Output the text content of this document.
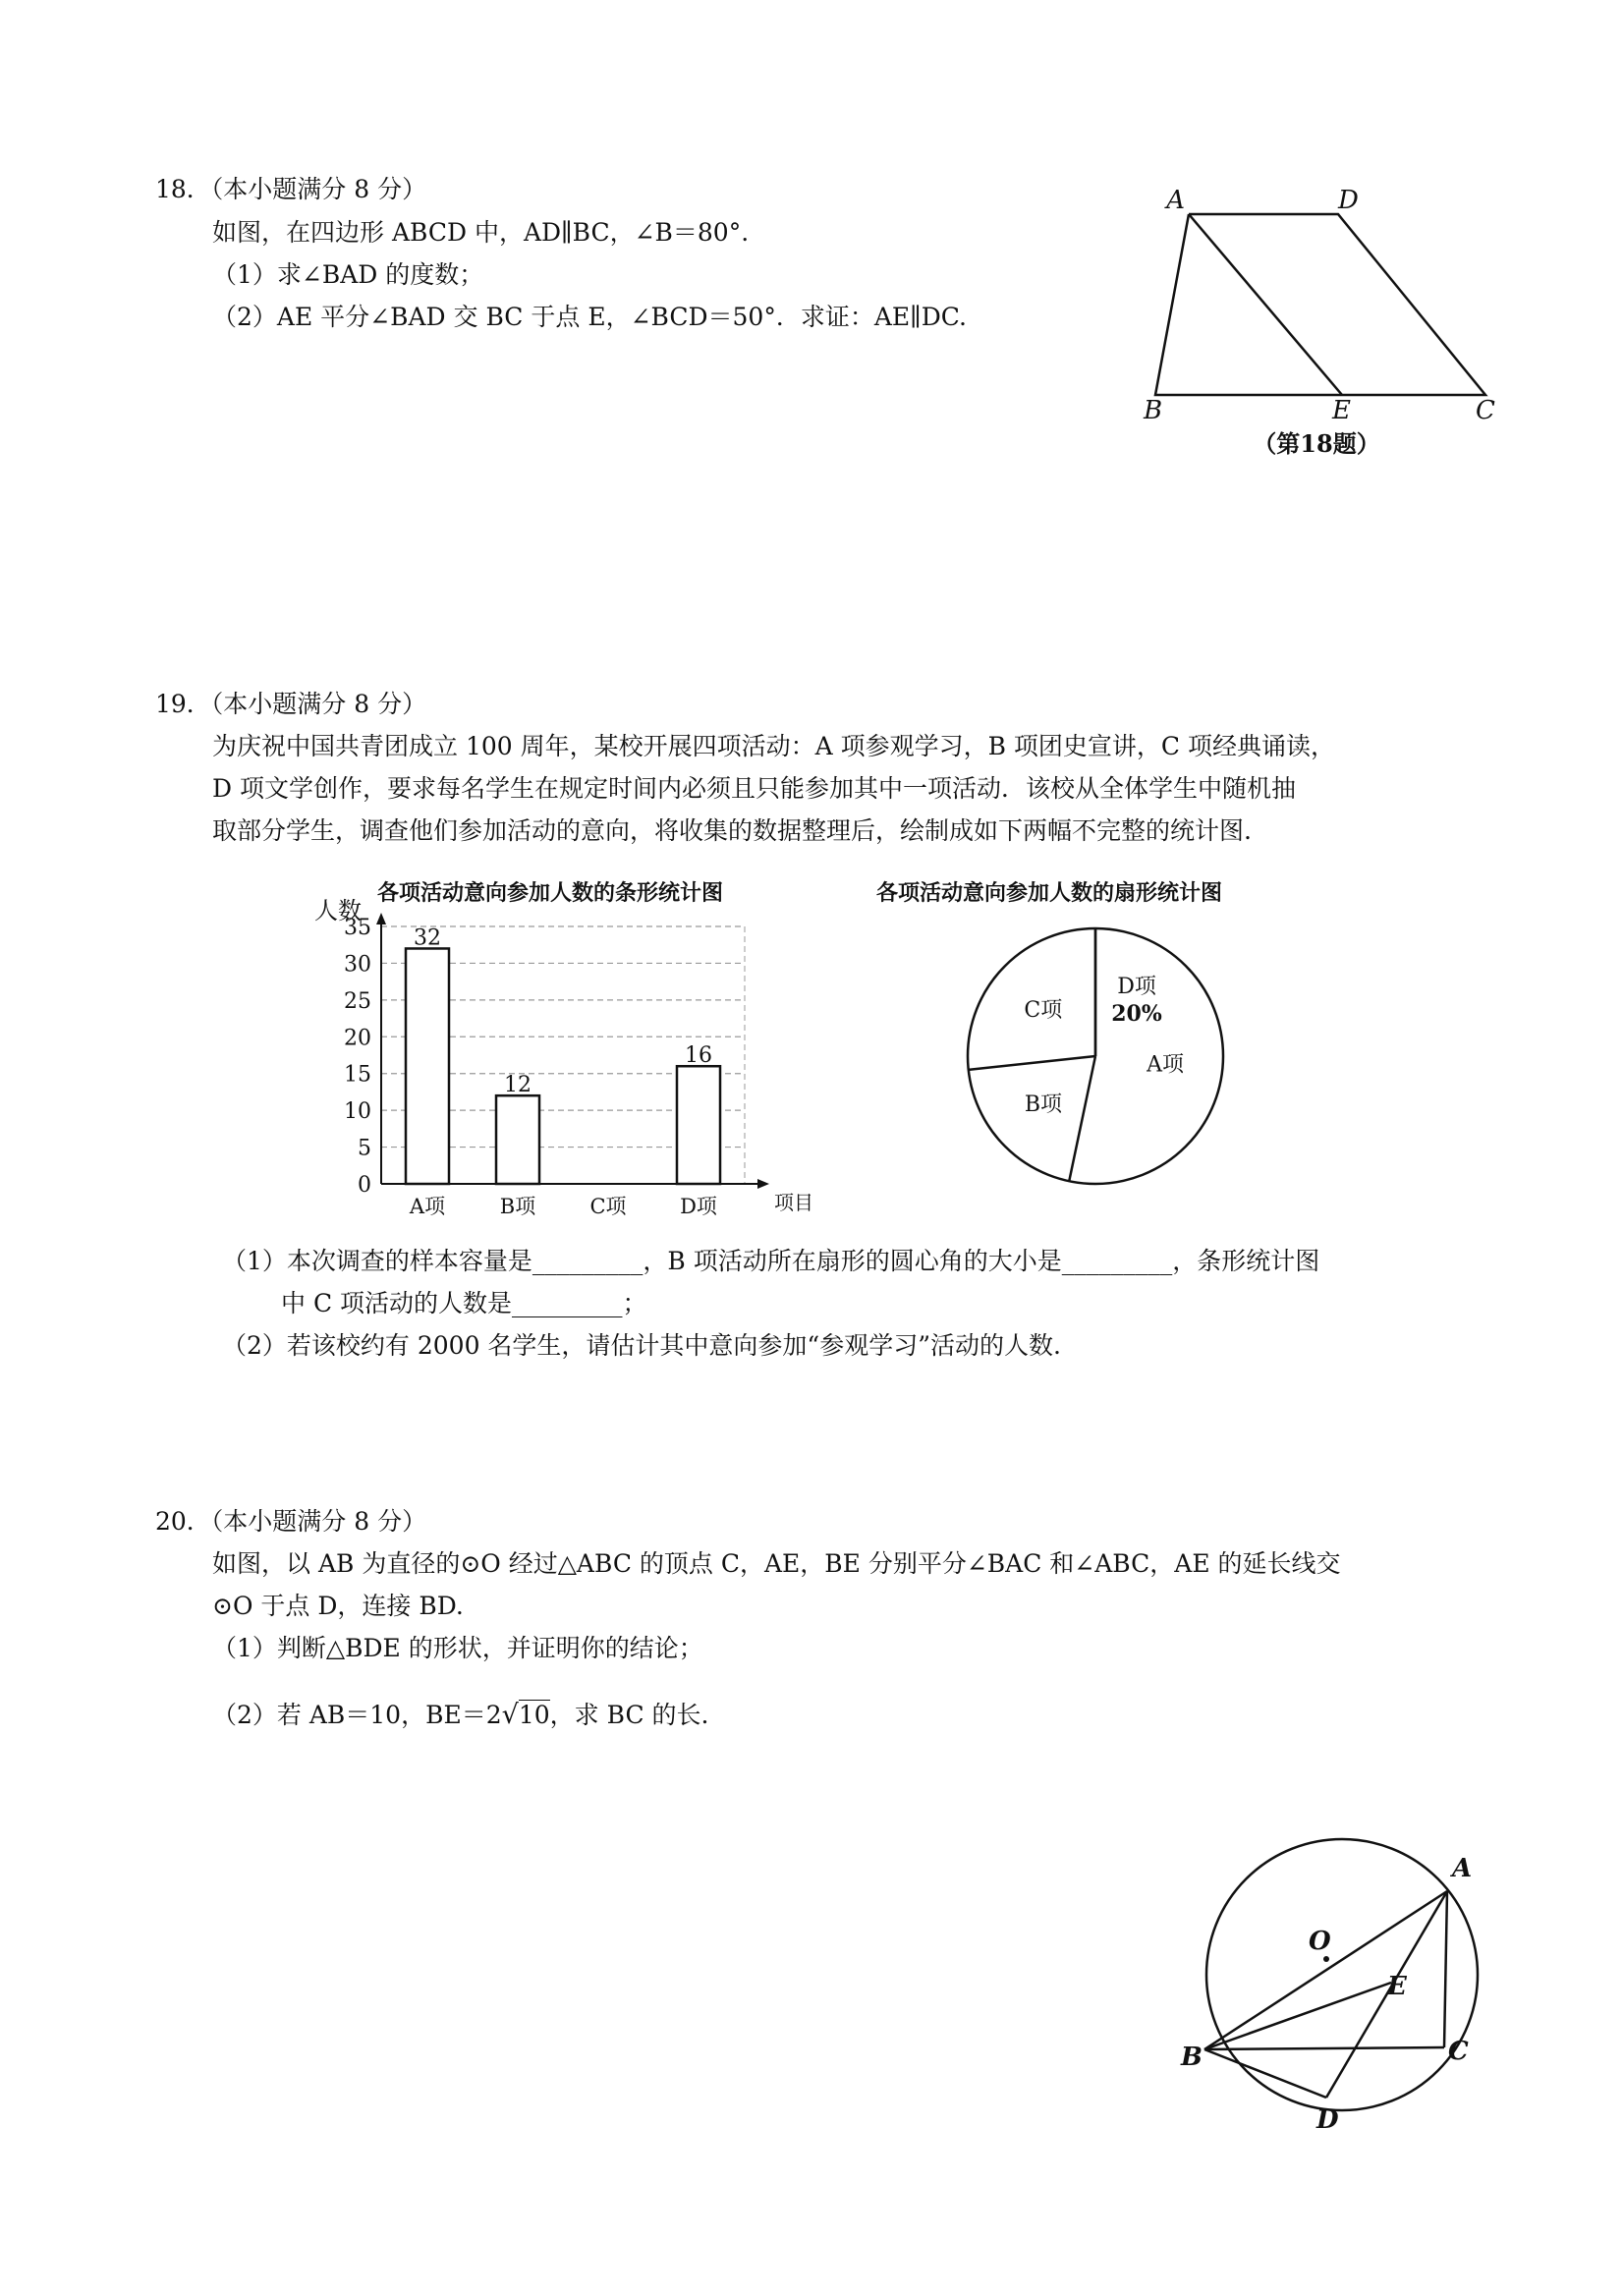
18．（本小题满分 8 分）
如图，在四边形 ABCD 中，AD∥BC，∠B＝80°.
（1）求∠BAD 的度数；
（2）AE 平分∠BAD 交 BC 于点 E，∠BCD＝50°．求证：AE∥DC.
A	D
B	E	C
（第18题）
19．（本小题满分 8 分）
为庆祝中国共青团成立 100 周年，某校开展四项活动：A 项参观学习，B 项团史宣讲，C 项经典诵读，
D 项文学创作，要求每名学生在规定时间内必须且只能参加其中一项活动．该校从全体学生中随机抽
取部分学生，调查他们参加活动的意向，将收集的数据整理后，绘制成如下两幅不完整的统计图.
各项活动意向参加人数的条形统计图
0
5
10
15
20
25
30
35 32
12
16
A项	B项	C项	D项
人数
项目
各项活动意向参加人数的扇形统计图
A项
B项
C项
D项
20%
（1）本次调查的样本容量是_________，B 项活动所在扇形的圆心角的大小是_________，条形统计图
中 C 项活动的人数是_________；
（2）若该校约有 2000 名学生，请估计其中意向参加“参观学习”活动的人数.
20．（本小题满分 8 分）
如图，以 AB 为直径的⊙O 经过△ABC 的顶点 C，AE，BE 分别平分∠BAC 和∠ABC，AE 的延长线交
⊙O 于点 D，连接 BD.
（1）判断△BDE 的形状，并证明你的结论；
（2）若 AB＝10，BE＝2√10，求 BC 的长.
A
O
E
B	C
D
